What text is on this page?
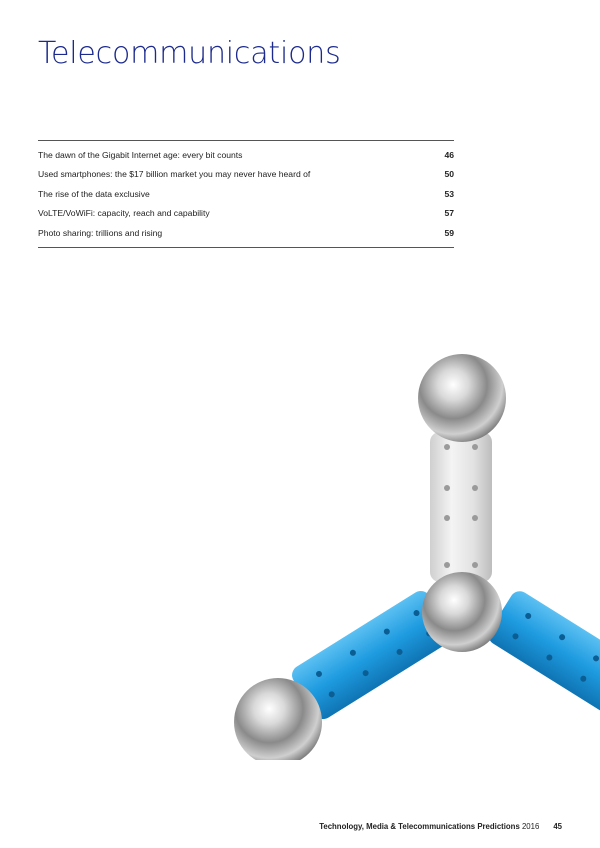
Telecommunications
The dawn of the Gigabit Internet age: every bit counts	46
Used smartphones: the $17 billion market you may never have heard of	50
The rise of the data exclusive	53
VoLTE/VoWiFi: capacity, reach and capability	57
Photo sharing: trillions and rising	59
Technology, Media & Telecommunications Predictions 2016 45
